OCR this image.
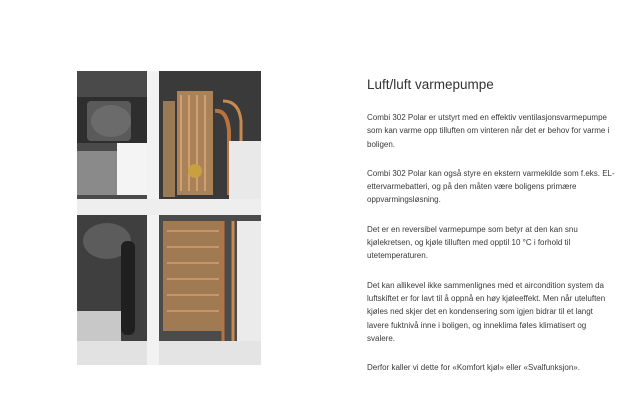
Luft/luft varmepumpe

Combi 302 Polar er utstyrt med en effektiv ventilasjonsvarmepumpe som kan varme opp tilluften om vinteren når det er behov for varme i boligen.

Combi 302 Polar kan også styre en ekstern varmekilde som f.eks. EL-ettervarmebatteri, og på den måten være boligens primære oppvarmingsløsning.

Det er en reversibel varmepumpe som betyr at den kan snu kjølekretsen, og kjøle tilluften med opptil 10 °C i forhold til utetemperaturen.

Det kan allikevel ikke sammenlignes med et aircondition system da luftskiftet er for lavt til å oppnå en høy kjøleeffekt. Men når uteluften kjøles ned skjer det en kondensering som igjen bidrar til et langt lavere fuktnivå inne i boligen, og inneklima føles klimatisert og svalere.

Derfor kaller vi dette for «Komfort kjøl» eller «Svalfunksjon».
